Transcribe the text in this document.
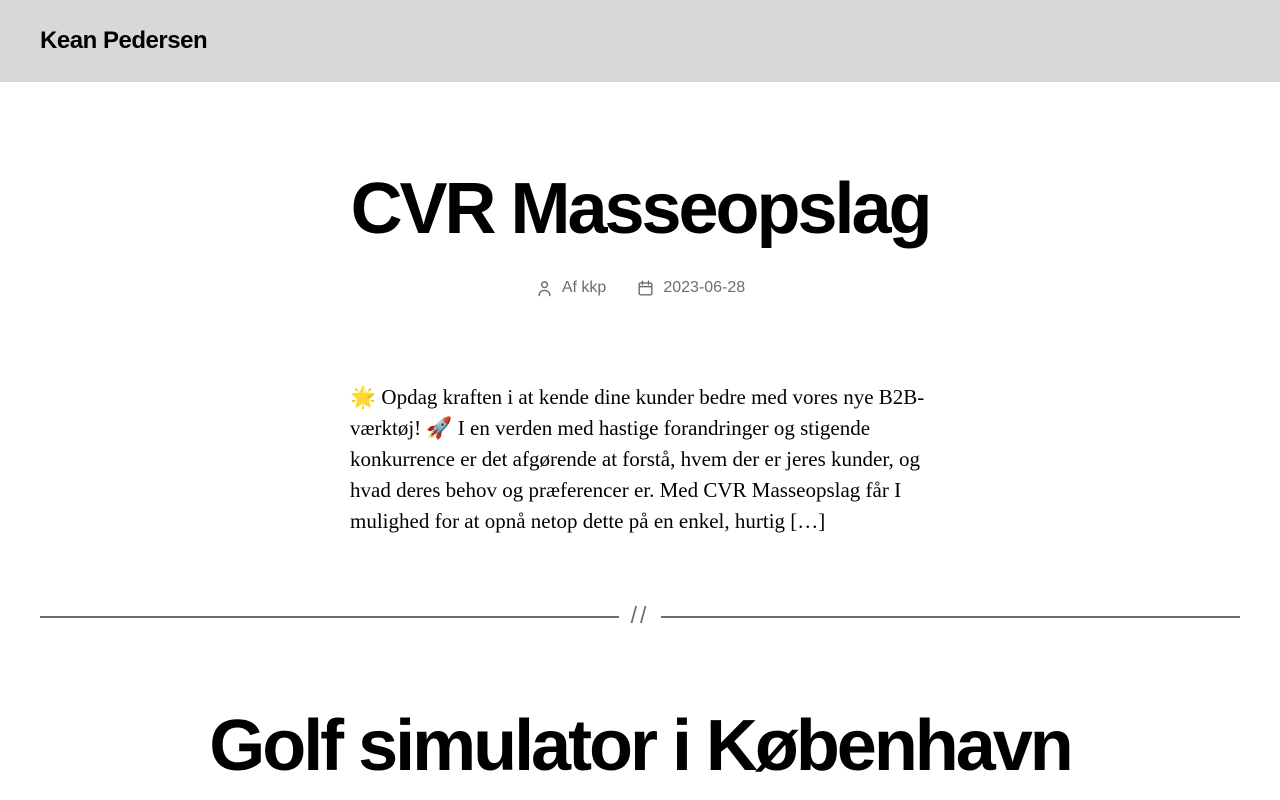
Kean Pedersen
CVR Masseopslag
Af kkp	2023-06-28

🌟 Opdag kraften i at kende dine kunder bedre med vores nye B2B-værktøj! 🚀 I en verden med hastige forandringer og stigende konkurrence er det afgørende at forstå, hvem der er jeres kunder, og hvad deres behov og præferencer er. Med CVR Masseopslag får I mulighed for at opnå netop dette på en enkel, hurtig […]

//
Golf simulator i København
